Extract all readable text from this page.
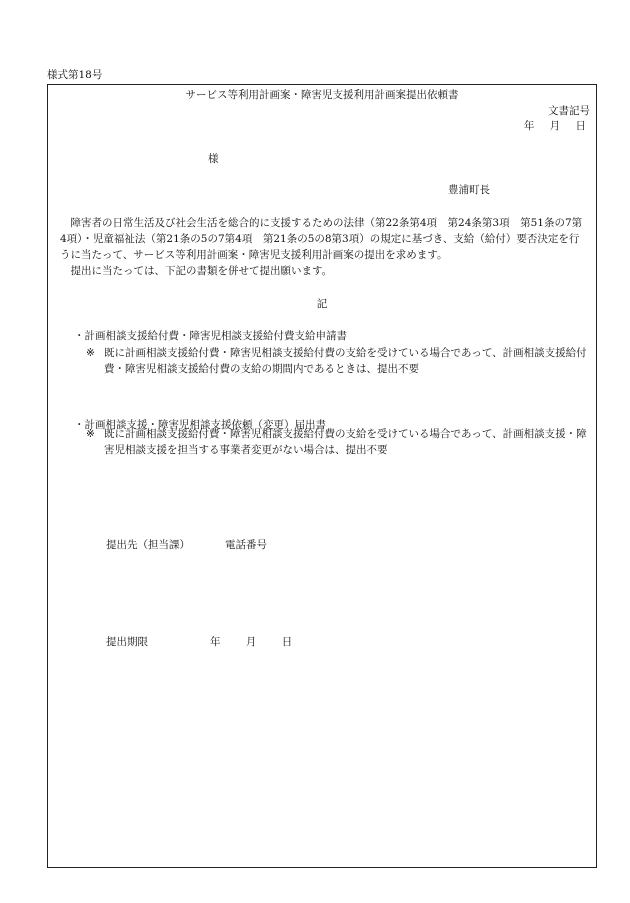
様式第18号
サービス等利用計画案・障害児支援利用計画案提出依頼書
文書記号
年 月 日
様
豊浦町長

障害者の日常生活及び社会生活を総合的に支援するための法律（第22条第4項　第24条第3項　第51条の7第4項）・児童福祉法（第21条の5の7第4項　第21条の5の8第3項）の規定に基づき、支給（給付）要否決定を行うに当たって、サービス等利用計画案・障害児支援利用計画案の提出を求めます。

提出に当たっては、下記の書類を併せて提出願います。

記
・計画相談支援給付費・障害児相談支援給付費支給申請書
※ 既に計画相談支援給付費・障害児相談支援給付費の支給を受けている場合であって、計画相談支援給付費・障害児相談支援給付費の支給の期間内であるときは、提出不要
・計画相談支援・障害児相談支援依頼（変更）届出書
※ 既に計画相談支援給付費・障害児相談支援給付費の支給を受けている場合であって、計画相談支援・障害児相談支援を担当する事業者変更がない場合は、提出不要
提出先（担当課）	電話番号
提出期限	年 月 日
